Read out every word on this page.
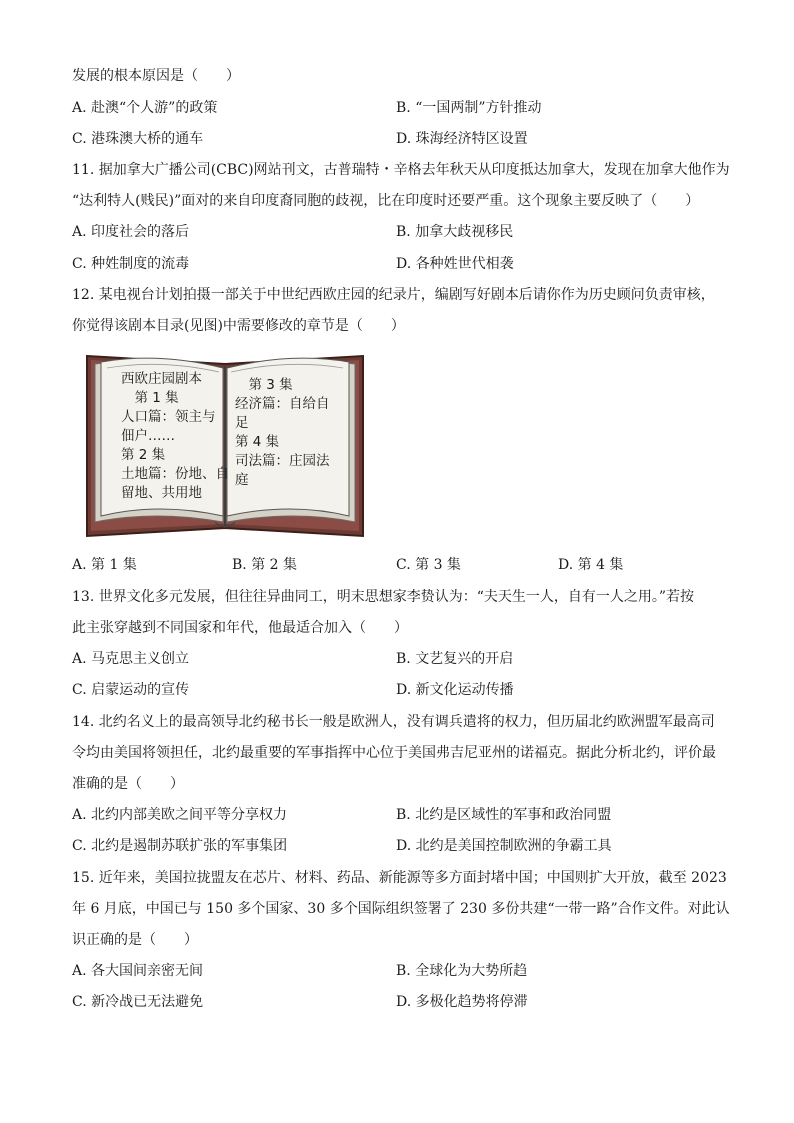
发展的根本原因是（　　）
A. 赴澳“个人游”的政策	B. “一国两制”方针推动
C. 港珠澳大桥的通车	D. 珠海经济特区设置
11. 据加拿大广播公司(CBC)网站刊文，古普瑞特・辛格去年秋天从印度抵达加拿大，发现在加拿大他作为
“达利特人(贱民)”面对的来自印度裔同胞的歧视，比在印度时还要严重。这个现象主要反映了（　　）
A. 印度社会的落后	B. 加拿大歧视移民
C. 种姓制度的流毒	D. 各种姓世代相袭
12. 某电视台计划拍摄一部关于中世纪西欧庄园的纪录片，编剧写好剧本后请你作为历史顾问负责审核，
你觉得该剧本目录(见图)中需要修改的章节是（　　）
西欧庄园剧本
　第 1 集
人口篇：领主与
佃户……
第 2 集
土地篇：份地、自
留地、共用地
　第 3 集
经济篇：自给自
足
第 4 集
司法篇：庄园法
庭
A. 第 1 集	B. 第 2 集	C. 第 3 集	D. 第 4 集
13. 世界文化多元发展，但往往异曲同工，明末思想家李贽认为：“夫天生一人，自有一人之用。”若按
此主张穿越到不同国家和年代，他最适合加入（　　）
A. 马克思主义创立	B. 文艺复兴的开启
C. 启蒙运动的宣传	D. 新文化运动传播
14. 北约名义上的最高领导北约秘书长一般是欧洲人，没有调兵遣将的权力，但历届北约欧洲盟军最高司
令均由美国将领担任，北约最重要的军事指挥中心位于美国弗吉尼亚州的诺福克。据此分析北约，评价最
准确的是（　　）
A. 北约内部美欧之间平等分享权力	B. 北约是区域性的军事和政治同盟
C. 北约是遏制苏联扩张的军事集团	D. 北约是美国控制欧洲的争霸工具
15. 近年来，美国拉拢盟友在芯片、材料、药品、新能源等多方面封堵中国；中国则扩大开放，截至 2023
年 6 月底，中国已与 150 多个国家、30 多个国际组织签署了 230 多份共建“一带一路”合作文件。对此认
识正确的是（　　）
A. 各大国间亲密无间	B. 全球化为大势所趋
C. 新冷战已无法避免	D. 多极化趋势将停滞
